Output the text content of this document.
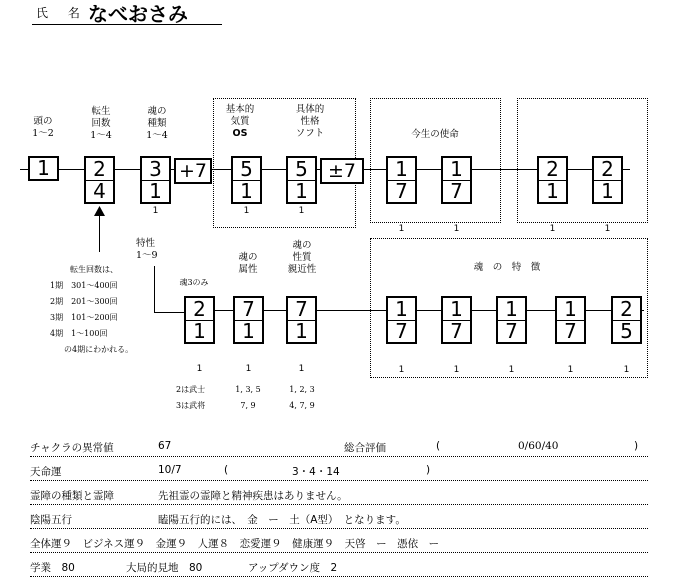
氏 名 なべおさみ
頭の
1〜2
転生
回数
1〜4
魂の
種類
1〜4
基本的
気質
OS
具体的
性格
ソフト	今生の使命
1	2
4
3
1
+7	5
1
5
1
±7	1
7
1
7
2
1
2
1
1	1	1
1	1	1	1
特性
1〜9
転生回数は、
1期　301〜400回
2期　201〜300回
3期　101〜200回
4期　1〜100回
の4期にわかれる。
魂3のみ
魂の
属性
魂の
性質
親近性	魂　の　特　徴
2
1
7
1
7
1
1
7
1
7
1
7
1
7
2
5
1	1	1	1	1	1	1	1
2は武士
3は武将
1, 3, 5
7, 9
1, 2, 3
4, 7, 9
チャクラの異常値	67	総合評価	(	0/60/40	)
天命運	10/7	(	3・4・14	)
霊障の種類と霊障	先祖霊の霊障と精神疾患はありません。
陰陽五行	瞌陽五行的には、　金　ー　土（A型）　となります。
全体運９　ビジネス運９　金運９　人運８　恋愛運９　健康運９　天啓　ー　憑依　ー
学業　80	大局的見地　80	アップダウン度　2
